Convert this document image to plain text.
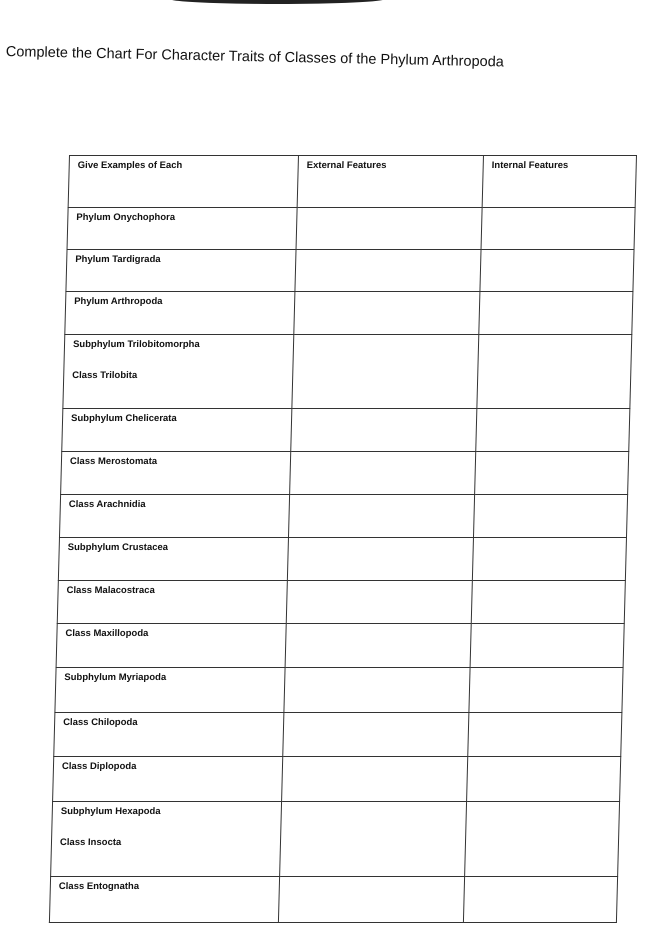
Complete the Chart For Character Traits of Classes of the Phylum Arthropoda
Give Examples of Each	External Features	Internal Features
Phylum Onychophora		
Phylum Tardigrada		
Phylum Arthropoda		
Subphylum Trilobitomorpha
Class Trilobita		

Subphylum Chelicerata		
Class Merostomata		
Class Arachnidia		
Subphylum Crustacea		
Class Malacostraca		
Class Maxillopoda		
Subphylum Myriapoda		
Class Chilopoda		
Class Diplopoda		
Subphylum Hexapoda
Class Insocta		

Class Entognatha		
